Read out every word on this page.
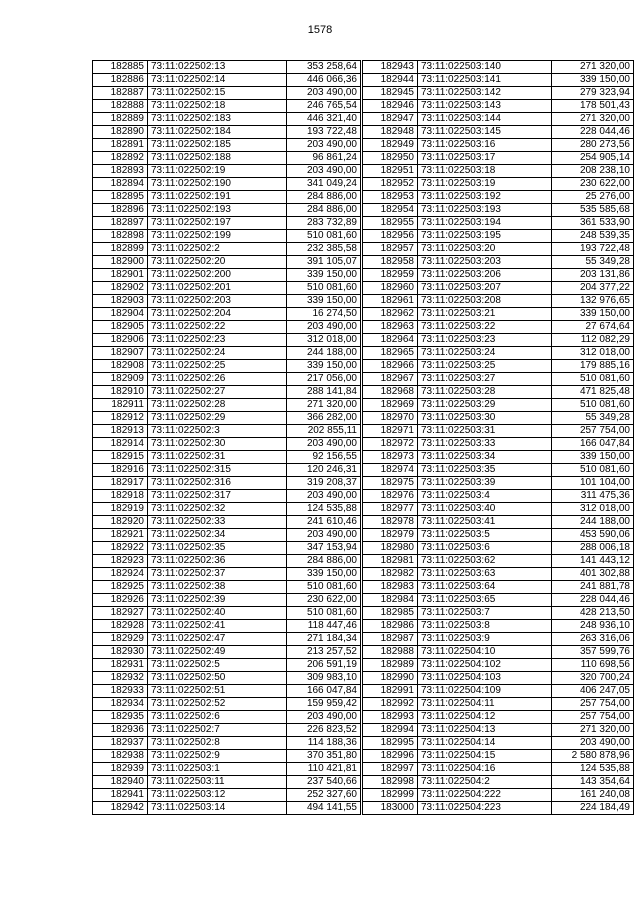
1578
182885	73:11:022502:13	353 258,64
182886	73:11:022502:14	446 066,36
182887	73:11:022502:15	203 490,00
182888	73:11:022502:18	246 765,54
182889	73:11:022502:183	446 321,40
182890	73:11:022502:184	193 722,48
182891	73:11:022502:185	203 490,00
182892	73:11:022502:188	96 861,24
182893	73:11:022502:19	203 490,00
182894	73:11:022502:190	341 049,24
182895	73:11:022502:191	284 886,00
182896	73:11:022502:193	284 886,00
182897	73:11:022502:197	283 732,89
182898	73:11:022502:199	510 081,60
182899	73:11:022502:2	232 385,58
182900	73:11:022502:20	391 105,07
182901	73:11:022502:200	339 150,00
182902	73:11:022502:201	510 081,60
182903	73:11:022502:203	339 150,00
182904	73:11:022502:204	16 274,50
182905	73:11:022502:22	203 490,00
182906	73:11:022502:23	312 018,00
182907	73:11:022502:24	244 188,00
182908	73:11:022502:25	339 150,00
182909	73:11:022502:26	217 056,00
182910	73:11:022502:27	288 141,84
182911	73:11:022502:28	271 320,00
182912	73:11:022502:29	366 282,00
182913	73:11:022502:3	202 855,11
182914	73:11:022502:30	203 490,00
182915	73:11:022502:31	92 156,55
182916	73:11:022502:315	120 246,31
182917	73:11:022502:316	319 208,37
182918	73:11:022502:317	203 490,00
182919	73:11:022502:32	124 535,88
182920	73:11:022502:33	241 610,46
182921	73:11:022502:34	203 490,00
182922	73:11:022502:35	347 153,94
182923	73:11:022502:36	284 886,00
182924	73:11:022502:37	339 150,00
182925	73:11:022502:38	510 081,60
182926	73:11:022502:39	230 622,00
182927	73:11:022502:40	510 081,60
182928	73:11:022502:41	118 447,46
182929	73:11:022502:47	271 184,34
182930	73:11:022502:49	213 257,52
182931	73:11:022502:5	206 591,19
182932	73:11:022502:50	309 983,10
182933	73:11:022502:51	166 047,84
182934	73:11:022502:52	159 959,42
182935	73:11:022502:6	203 490,00
182936	73:11:022502:7	226 823,52
182937	73:11:022502:8	114 188,36
182938	73:11:022502:9	370 351,80
182939	73:11:022503:1	110 421,81
182940	73:11:022503:11	237 540,66
182941	73:11:022503:12	252 327,60
182942	73:11:022503:14	494 141,55
182943	73:11:022503:140	271 320,00
182944	73:11:022503:141	339 150,00
182945	73:11:022503:142	279 323,94
182946	73:11:022503:143	178 501,43
182947	73:11:022503:144	271 320,00
182948	73:11:022503:145	228 044,46
182949	73:11:022503:16	280 273,56
182950	73:11:022503:17	254 905,14
182951	73:11:022503:18	208 238,10
182952	73:11:022503:19	230 622,00
182953	73:11:022503:192	25 276,00
182954	73:11:022503:193	535 585,68
182955	73:11:022503:194	361 533,90
182956	73:11:022503:195	248 539,35
182957	73:11:022503:20	193 722,48
182958	73:11:022503:203	55 349,28
182959	73:11:022503:206	203 131,86
182960	73:11:022503:207	204 377,22
182961	73:11:022503:208	132 976,65
182962	73:11:022503:21	339 150,00
182963	73:11:022503:22	27 674,64
182964	73:11:022503:23	112 082,29
182965	73:11:022503:24	312 018,00
182966	73:11:022503:25	179 885,16
182967	73:11:022503:27	510 081,60
182968	73:11:022503:28	471 825,48
182969	73:11:022503:29	510 081,60
182970	73:11:022503:30	55 349,28
182971	73:11:022503:31	257 754,00
182972	73:11:022503:33	166 047,84
182973	73:11:022503:34	339 150,00
182974	73:11:022503:35	510 081,60
182975	73:11:022503:39	101 104,00
182976	73:11:022503:4	311 475,36
182977	73:11:022503:40	312 018,00
182978	73:11:022503:41	244 188,00
182979	73:11:022503:5	453 590,06
182980	73:11:022503:6	288 006,18
182981	73:11:022503:62	141 443,12
182982	73:11:022503:63	401 302,88
182983	73:11:022503:64	241 881,78
182984	73:11:022503:65	228 044,46
182985	73:11:022503:7	428 213,50
182986	73:11:022503:8	248 936,10
182987	73:11:022503:9	263 316,06
182988	73:11:022504:10	357 599,76
182989	73:11:022504:102	110 698,56
182990	73:11:022504:103	320 700,24
182991	73:11:022504:109	406 247,05
182992	73:11:022504:11	257 754,00
182993	73:11:022504:12	257 754,00
182994	73:11:022504:13	271 320,00
182995	73:11:022504:14	203 490,00
182996	73:11:022504:15	2 580 878,96
182997	73:11:022504:16	124 535,88
182998	73:11:022504:2	143 354,64
182999	73:11:022504:222	161 240,08
183000	73:11:022504:223	224 184,49
